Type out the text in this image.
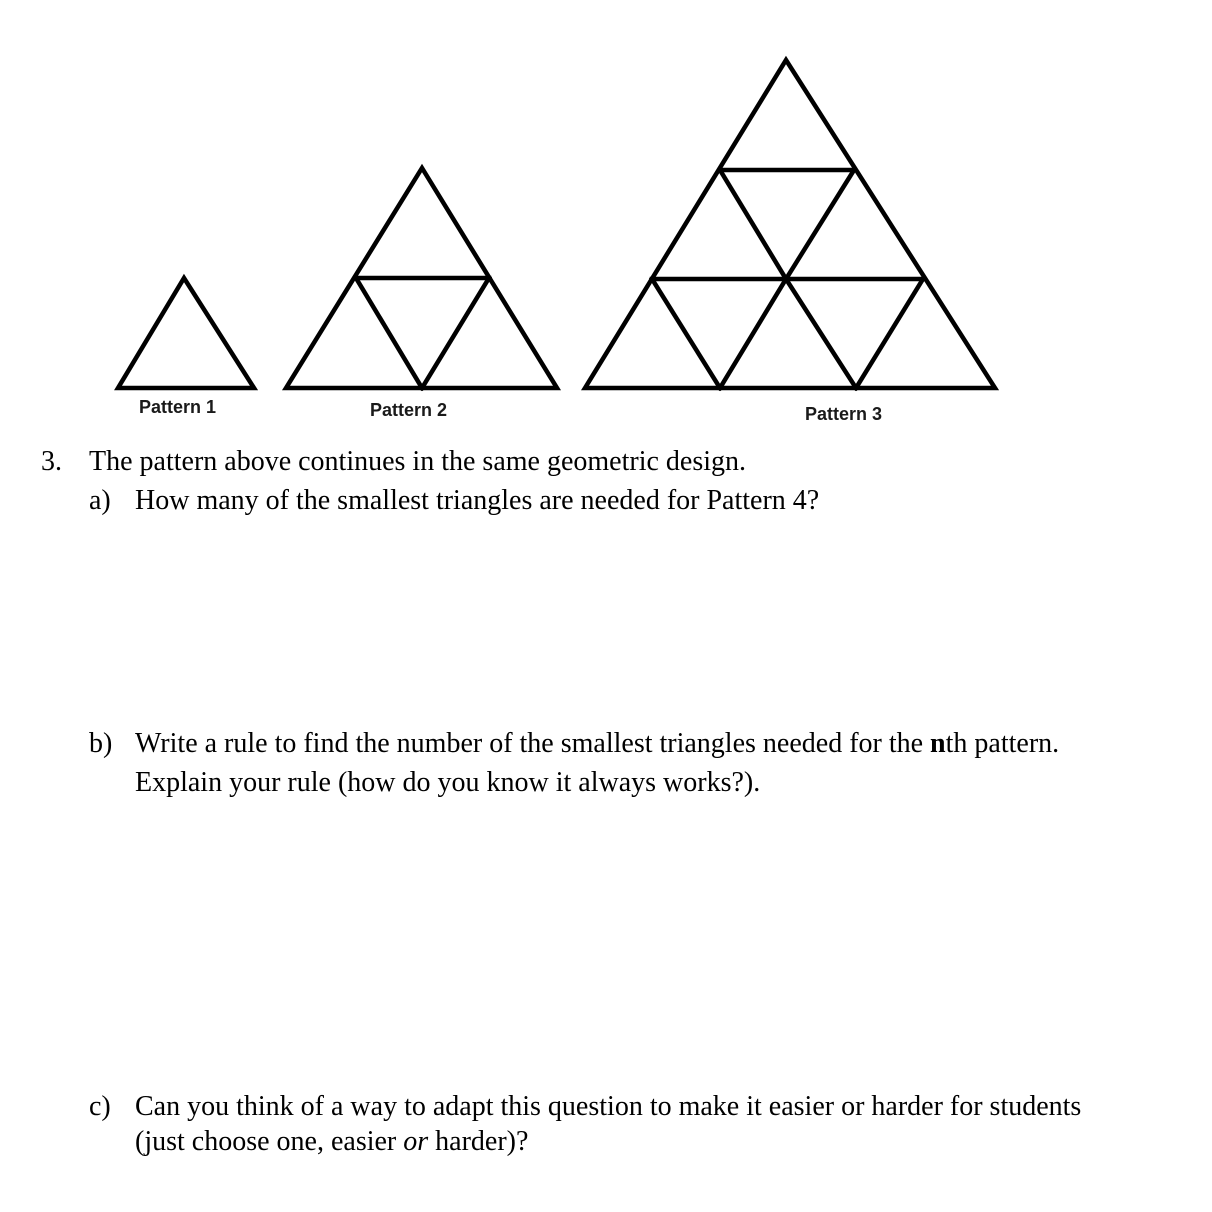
Pattern 1	Pattern 2	Pattern 3
3. The pattern above continues in the same geometric design.
a) How many of the smallest triangles are needed for Pattern 4?
b) Write a rule to find the number of the smallest triangles needed for the nth pattern.
Explain your rule (how do you know it always works?).
c) Can you think of a way to adapt this question to make it easier or harder for students
(just choose one, easier or harder)?
